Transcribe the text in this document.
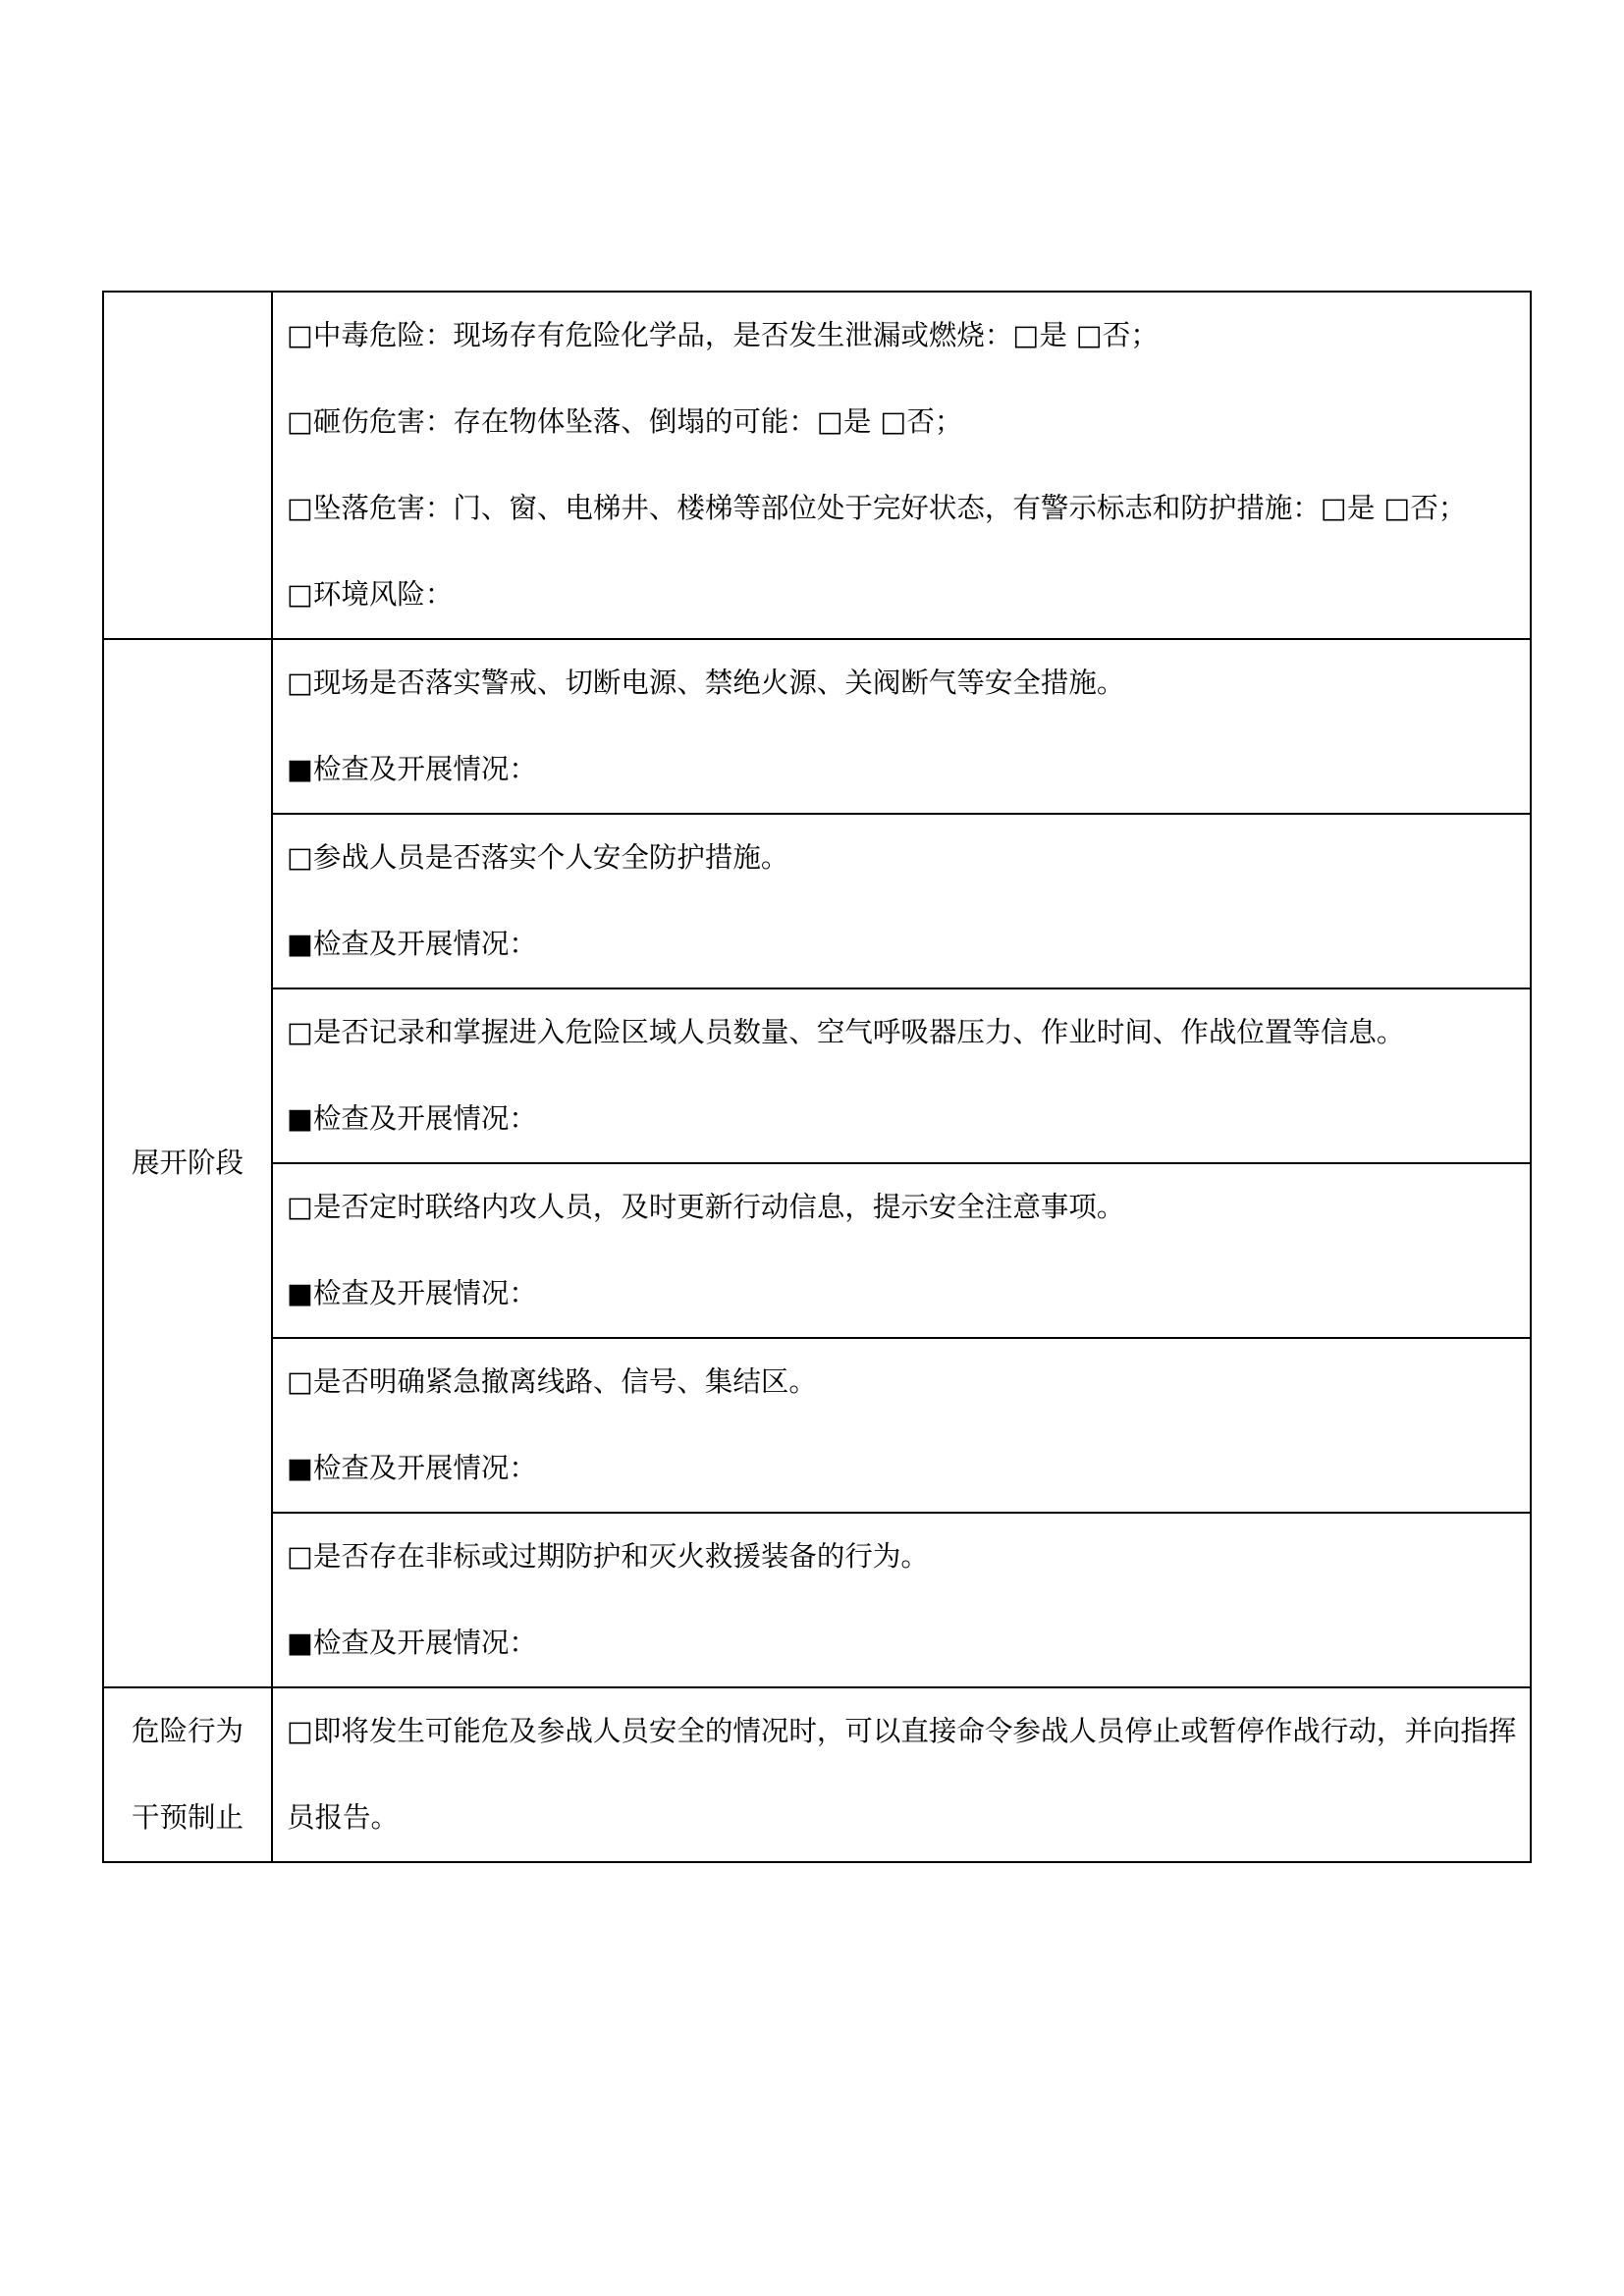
	□中毒危险：现场存有危险化学品，是否发生泄漏或燃烧：□是 □否；
□砸伤危害：存在物体坠落、倒塌的可能：□是 □否；
□坠落危害：门、窗、电梯井、楼梯等部位处于完好状态，有警示标志和防护措施：□是 □否；
□环境风险：

展开阶段	□现场是否落实警戒、切断电源、禁绝火源、关阀断气等安全措施。
■检查及开展情况：

	□参战人员是否落实个人安全防护措施。
■检查及开展情况：

	□是否记录和掌握进入危险区域人员数量、空气呼吸器压力、作业时间、作战位置等信息。
■检查及开展情况：

	□是否定时联络内攻人员，及时更新行动信息，提示安全注意事项。
■检查及开展情况：

	□是否明确紧急撤离线路、信号、集结区。
■检查及开展情况：

	□是否存在非标或过期防护和灭火救援装备的行为。
■检查及开展情况：

危险行为干预制止	□即将发生可能危及参战人员安全的情况时，可以直接命令参战人员停止或暂停作战行动，并向指挥员报告。
